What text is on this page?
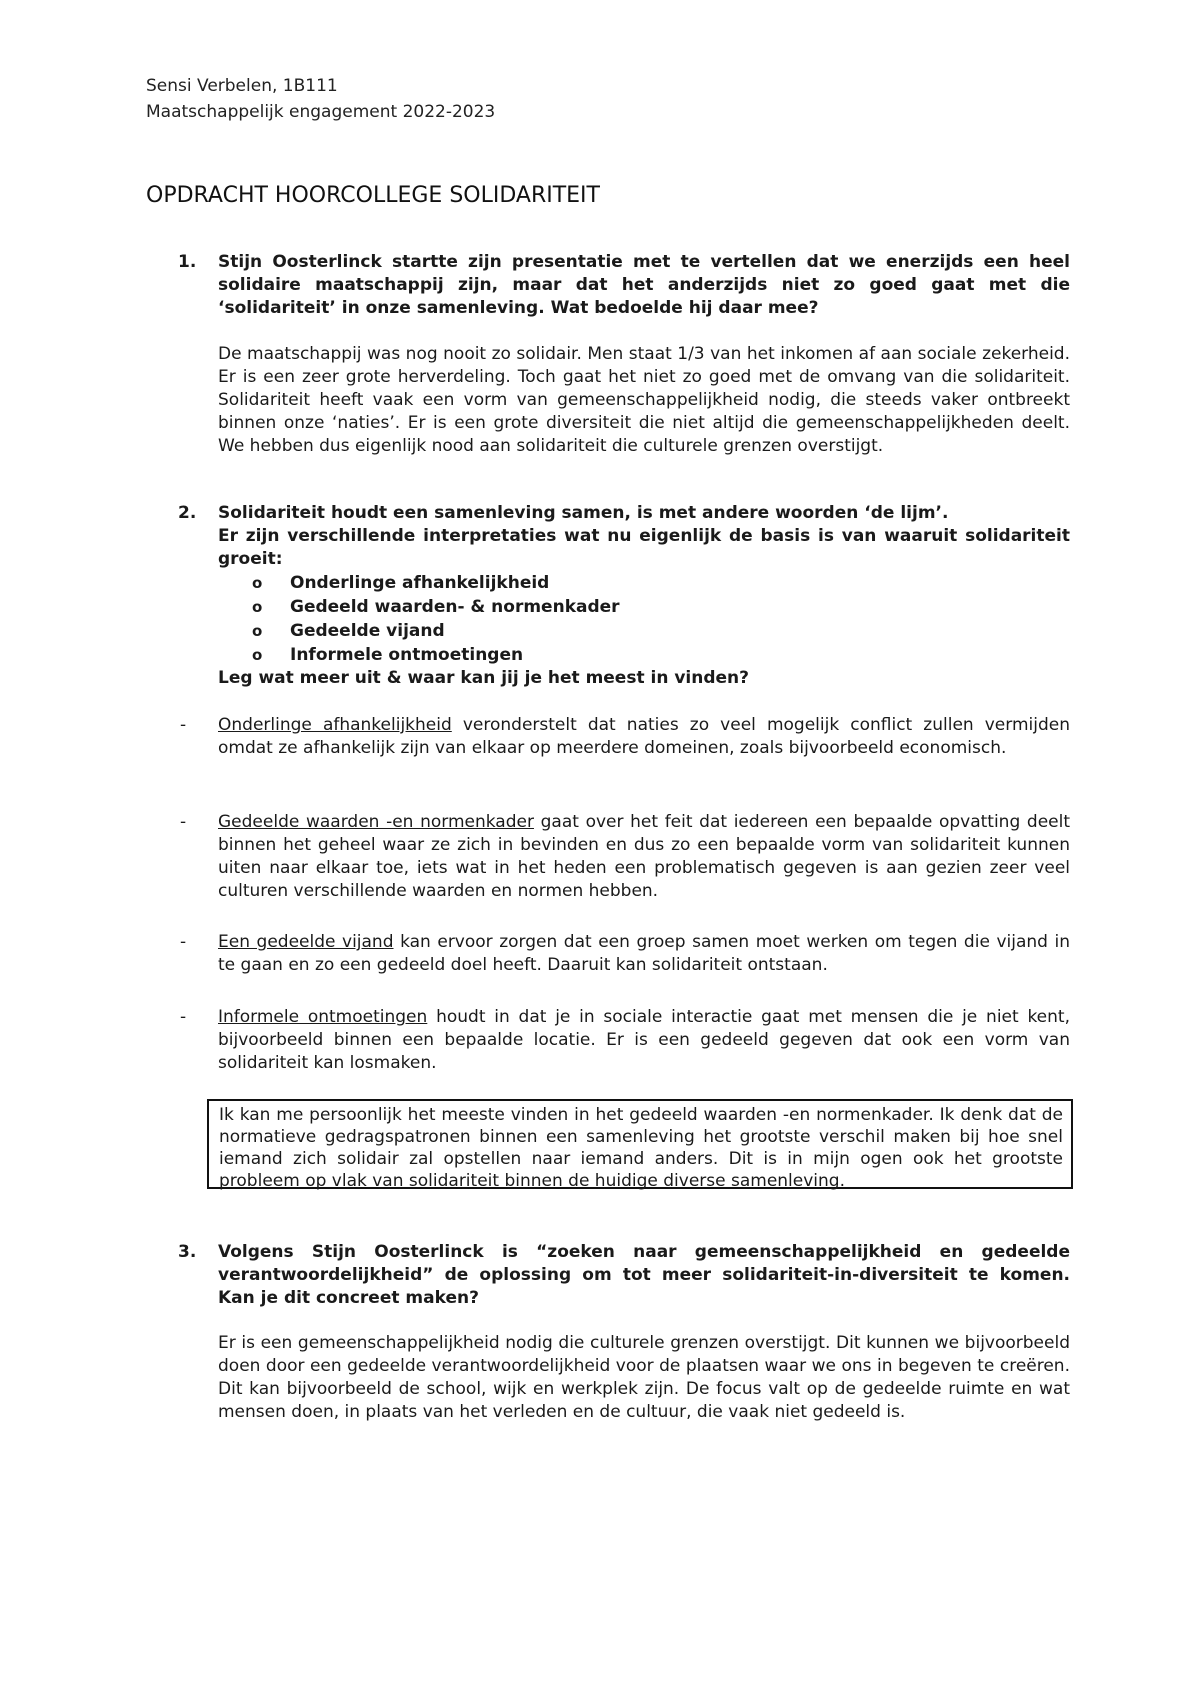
Sensi Verbelen, 1B111
Maatschappelijk engagement 2022-2023
OPDRACHT HOORCOLLEGE SOLIDARITEIT
1. Stijn Oosterlinck startte zijn presentatie met te vertellen dat we enerzijds een heel solidaire maatschappij zijn, maar dat het anderzijds niet zo goed gaat met die ‘solidariteit’ in onze samenleving. Wat bedoelde hij daar mee?
De maatschappij was nog nooit zo solidair. Men staat 1/3 van het inkomen af aan sociale zekerheid. Er is een zeer grote herverdeling. Toch gaat het niet zo goed met de omvang van die solidariteit. Solidariteit heeft vaak een vorm van gemeenschappelijkheid nodig, die steeds vaker ontbreekt binnen onze ‘naties’. Er is een grote diversiteit die niet altijd die gemeenschappelijkheden deelt. We hebben dus eigenlijk nood aan solidariteit die culturele grenzen overstijgt.
2. Solidariteit houdt een samenleving samen, is met andere woorden ‘de lijm’.
Er zijn verschillende interpretaties wat nu eigenlijk de basis is van waaruit solidariteit groeit:
o	Onderlinge afhankelijkheid
o	Gedeeld waarden- & normenkader
o	Gedeelde vijand
o	Informele ontmoetingen
Leg wat meer uit & waar kan jij je het meest in vinden?
- Onderlinge afhankelijkheid veronderstelt dat naties zo veel mogelijk conflict zullen vermijden omdat ze afhankelijk zijn van elkaar op meerdere domeinen, zoals bijvoorbeeld economisch.
- Gedeelde waarden -en normenkader gaat over het feit dat iedereen een bepaalde opvatting deelt binnen het geheel waar ze zich in bevinden en dus zo een bepaalde vorm van solidariteit kunnen uiten naar elkaar toe, iets wat in het heden een problematisch gegeven is aan gezien zeer veel culturen verschillende waarden en normen hebben.
- Een gedeelde vijand kan ervoor zorgen dat een groep samen moet werken om tegen die vijand in te gaan en zo een gedeeld doel heeft. Daaruit kan solidariteit ontstaan.
- Informele ontmoetingen houdt in dat je in sociale interactie gaat met mensen die je niet kent, bijvoorbeeld binnen een bepaalde locatie. Er is een gedeeld gegeven dat ook een vorm van solidariteit kan losmaken.
Ik kan me persoonlijk het meeste vinden in het gedeeld waarden -en normenkader. Ik denk dat de normatieve gedragspatronen binnen een samenleving het grootste verschil maken bij hoe snel iemand zich solidair zal opstellen naar iemand anders. Dit is in mijn ogen ook het grootste probleem op vlak van solidariteit binnen de huidige diverse samenleving.
3. Volgens Stijn Oosterlinck is “zoeken naar gemeenschappelijkheid en gedeelde verantwoordelijkheid” de oplossing om tot meer solidariteit-in-diversiteit te komen. Kan je dit concreet maken?
Er is een gemeenschappelijkheid nodig die culturele grenzen overstijgt. Dit kunnen we bijvoorbeeld doen door een gedeelde verantwoordelijkheid voor de plaatsen waar we ons in begeven te creëren. Dit kan bijvoorbeeld de school, wijk en werkplek zijn. De focus valt op de gedeelde ruimte en wat mensen doen, in plaats van het verleden en de cultuur, die vaak niet gedeeld is.
